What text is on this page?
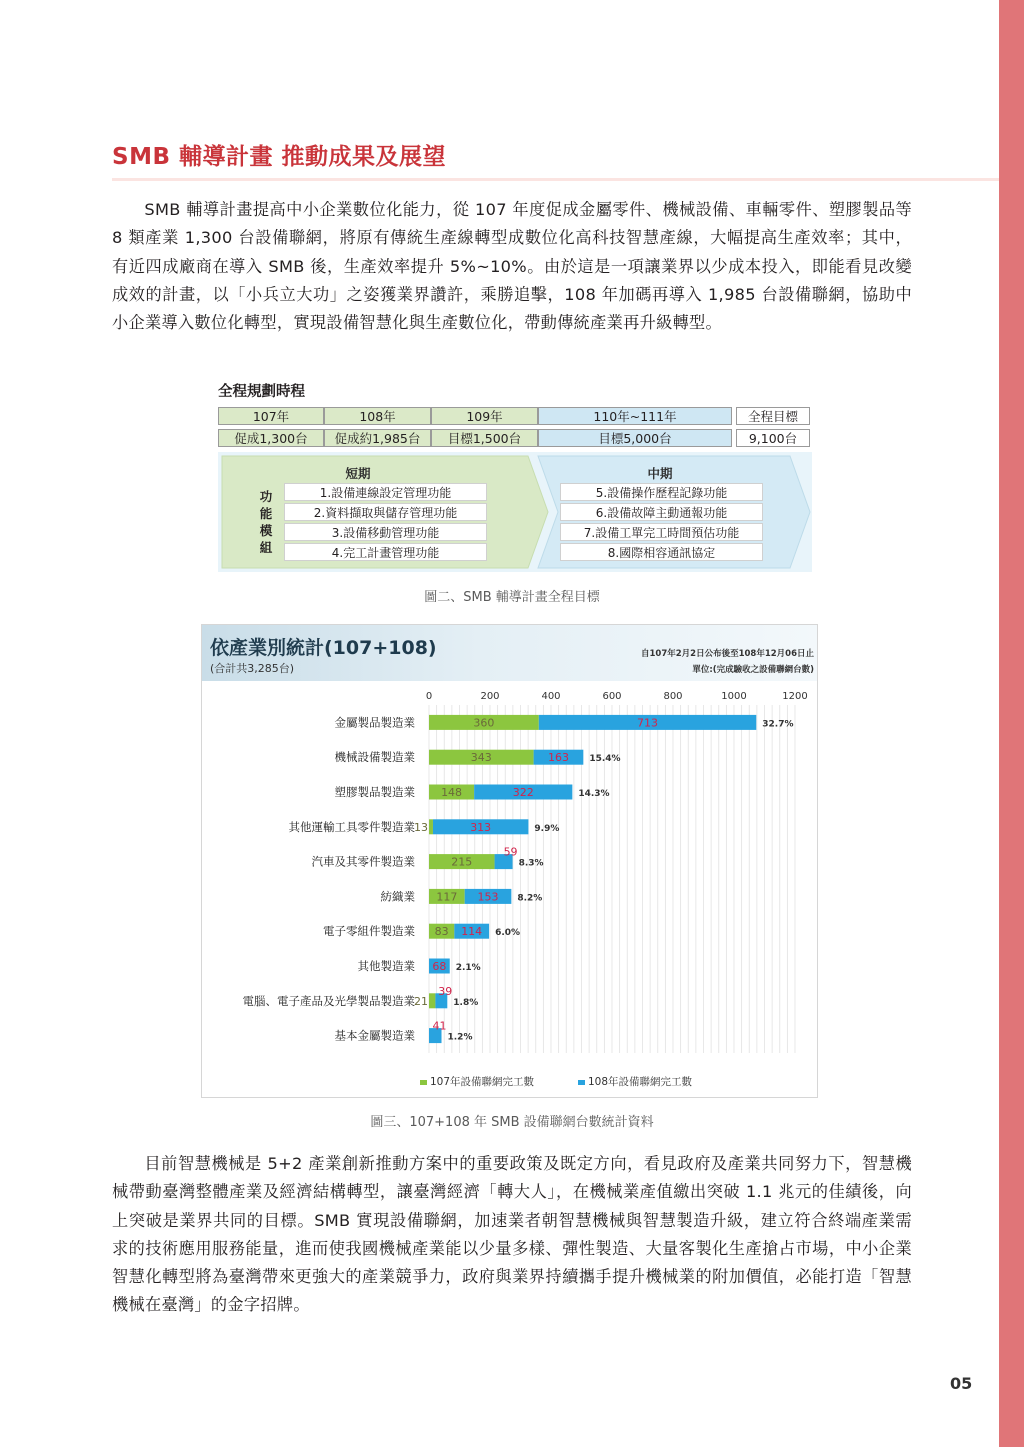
SMB 輔導計畫 推動成果及展望

SMB 輔導計畫提高中小企業數位化能力，從 107 年度促成金屬零件、機械設備、車輛零件、塑膠製品等 8 類產業 1,300 台設備聯網，將原有傳統生產線轉型成數位化高科技智慧產線，大幅提高生產效率；其中，有近四成廠商在導入 SMB 後，生產效率提升 5%~10%。由於這是一項讓業界以少成本投入，即能看見改變成效的計畫，以「小兵立大功」之姿獲業界讚許，乘勝追擊，108 年加碼再導入 1,985 台設備聯網，協助中小企業導入數位化轉型，實現設備智慧化與生產數位化，帶動傳統產業再升級轉型。

全程規劃時程
107年	108年	109年	110年~111年	全程目標
促成1,300台	促成約1,985台	目標1,500台	目標5,000台	9,100台
短期	中期
功
能
模
組
1.設備連線設定管理功能
2.資料擷取與儲存管理功能
3.設備移動管理功能
4.完工計畫管理功能
5.設備操作歷程記錄功能
6.設備故障主動通報功能
7.設備工單完工時間預估功能
8.國際相容通訊協定
圖二、SMB 輔導計畫全程目標
依產業別統計(107+108)
(合計共3,285台)
自107年2月2日公布後至108年12月06日止
單位:(完成驗收之設備聯網台數)
0	200	400	600	800	1000	1200
金屬製品製造業	360	713	32.7%
機械設備製造業	343	163 15.4%
塑膠製品製造業 148	322	14.3%
其他運輸工具零件製造業 13	313	9.9%
汽車及其零件製造業	215
59
8.3%
紡織業 117 153 8.2%
電子零組件製造業 83 114 6.0%
其他製造業 68 2.1%
電腦、電子產品及光學製品製造業 21
39
1.8%
基本金屬製造業
41
1.2%
107年設備聯網完工數	108年設備聯網完工數
圖三、107+108 年 SMB 設備聯網台數統計資料

目前智慧機械是 5+2 產業創新推動方案中的重要政策及既定方向，看見政府及產業共同努力下，智慧機械帶動臺灣整體產業及經濟結構轉型，讓臺灣經濟「轉大人」，在機械業產值繳出突破 1.1 兆元的佳績後，向上突破是業界共同的目標。SMB 實現設備聯網，加速業者朝智慧機械與智慧製造升級，建立符合終端產業需求的技術應用服務能量，進而使我國機械產業能以少量多樣、彈性製造、大量客製化生產搶占市場，中小企業智慧化轉型將為臺灣帶來更強大的產業競爭力，政府與業界持續攜手提升機械業的附加價值，必能打造「智慧機械在臺灣」的金字招牌。

05
